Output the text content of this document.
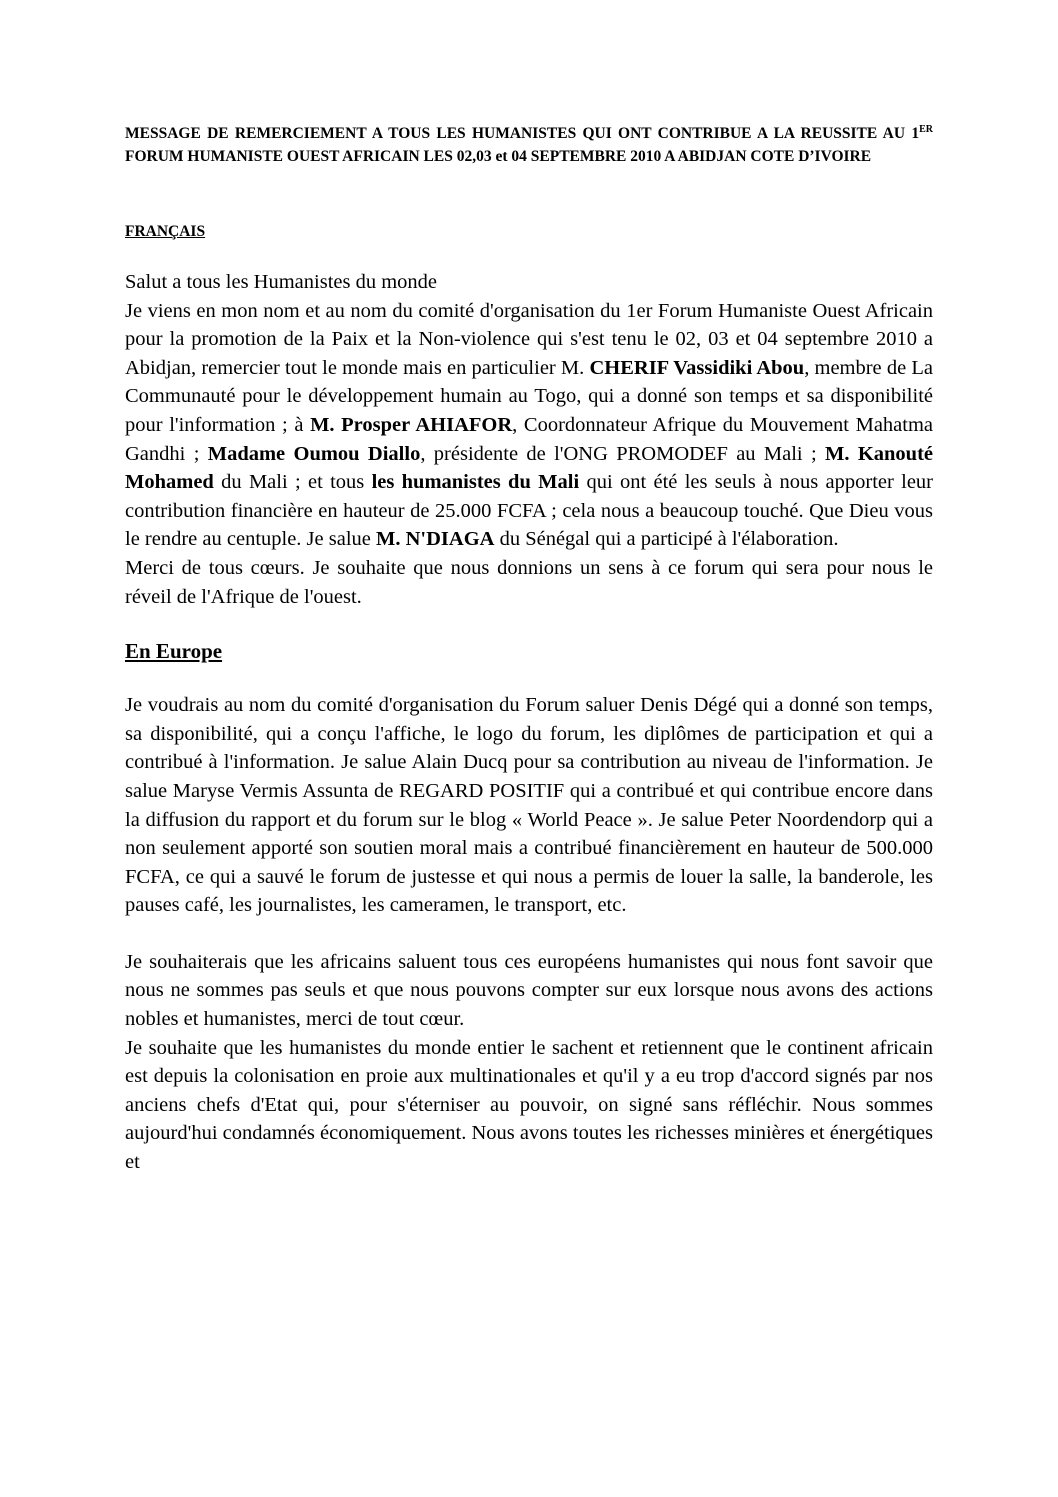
MESSAGE DE REMERCIEMENT A TOUS LES HUMANISTES QUI ONT CONTRIBUE A LA REUSSITE AU 1ER FORUM HUMANISTE OUEST AFRICAIN LES 02,03 et 04 SEPTEMBRE 2010 A ABIDJAN COTE D’IVOIRE

FRANÇAIS

Salut a tous les Humanistes du monde

Je viens en mon nom et au nom du comité d'organisation du 1er Forum Humaniste Ouest Africain pour la promotion de la Paix et la Non-violence qui s'est tenu le 02, 03 et 04 septembre 2010 a Abidjan, remercier tout le monde mais en particulier M. CHERIF Vassidiki Abou, membre de La Communauté pour le développement humain au Togo, qui a donné son temps et sa disponibilité pour l'information ; à M. Prosper AHIAFOR, Coordonnateur Afrique du Mouvement Mahatma Gandhi ; Madame Oumou Diallo, présidente de l'ONG PROMODEF au Mali ; M. Kanouté Mohamed du Mali ; et tous les humanistes du Mali qui ont été les seuls à nous apporter leur contribution financière en hauteur de 25.000 FCFA ; cela nous a beaucoup touché. Que Dieu vous le rendre au centuple. Je salue M. N'DIAGA du Sénégal qui a participé à l'élaboration.

Merci de tous cœurs. Je souhaite que nous donnions un sens à ce forum qui sera pour nous le réveil de l'Afrique de l'ouest.

En Europe

Je voudrais au nom du comité d'organisation du Forum saluer Denis Dégé qui a donné son temps, sa disponibilité, qui a conçu l'affiche, le logo du forum, les diplômes de participation et qui a contribué à l'information. Je salue Alain Ducq pour sa contribution au niveau de l'information. Je salue Maryse Vermis Assunta de REGARD POSITIF qui a contribué et qui contribue encore dans la diffusion du rapport et du forum sur le blog « World Peace ». Je salue Peter Noordendorp qui a non seulement apporté son soutien moral mais a contribué financièrement en hauteur de 500.000 FCFA, ce qui a sauvé le forum de justesse et qui nous a permis de louer la salle, la banderole, les pauses café, les journalistes, les cameramen, le transport, etc.

Je souhaiterais que les africains saluent tous ces européens humanistes qui nous font savoir que nous ne sommes pas seuls et que nous pouvons compter sur eux lorsque nous avons des actions nobles et humanistes, merci de tout cœur.

Je souhaite que les humanistes du monde entier le sachent et retiennent que le continent africain est depuis la colonisation en proie aux multinationales et qu'il y a eu trop d'accord signés par nos anciens chefs d'Etat qui, pour s'éterniser au pouvoir, on signé sans réfléchir. Nous sommes aujourd'hui condamnés économiquement. Nous avons toutes les richesses minières et énergétiques et
